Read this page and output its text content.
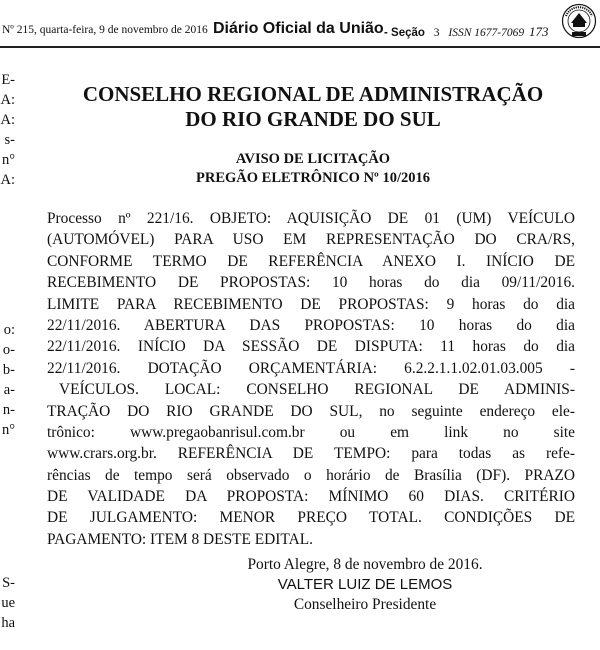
Nº 215, quarta-feira, 9 de novembro de 2016 Diário Oficial da União - Seção 3 ISSN 1677-7069 173
E-
A:
A:
s-
n°
A:
o:
o-
b-
a-
n-
n°
S-
ue
ha
CONSELHO REGIONAL DE ADMINISTRAÇÃO
DO RIO GRANDE DO SUL
AVISO DE LICITAÇÃO
PREGÃO ELETRÔNICO Nº 10/2016
Processo nº 221/16. OBJETO: AQUISIÇÃO DE 01 (UM) VEÍCULO
(AUTOMÓVEL) PARA USO EM REPRESENTAÇÃO DO CRA/RS,
CONFORME TERMO DE REFERÊNCIA ANEXO I. INÍCIO DE
RECEBIMENTO DE PROPOSTAS: 10 horas do dia 09/11/2016.
LIMITE PARA RECEBIMENTO DE PROPOSTAS: 9 horas do dia
22/11/2016. ABERTURA DAS PROPOSTAS: 10 horas do dia
22/11/2016. INÍCIO DA SESSÃO DE DISPUTA: 11 horas do dia
22/11/2016. DOTAÇÃO ORÇAMENTÁRIA: 6.2.2.1.1.02.01.03.005 -
VEÍCULOS. LOCAL: CONSELHO REGIONAL DE ADMINIS-
TRAÇÃO DO RIO GRANDE DO SUL, no seguinte endereço ele-
trônico: www.pregaobanrisul.com.br ou em link no site
www.crars.org.br. REFERÊNCIA DE TEMPO: para todas as refe-
rências de tempo será observado o horário de Brasília (DF). PRAZO
DE VALIDADE DA PROPOSTA: MÍNIMO 60 DIAS. CRITÉRIO
DE JULGAMENTO: MENOR PREÇO TOTAL. CONDIÇÕES DE
PAGAMENTO: ITEM 8 DESTE EDITAL.
Porto Alegre, 8 de novembro de 2016.
VALTER LUIZ DE LEMOS
Conselheiro Presidente
